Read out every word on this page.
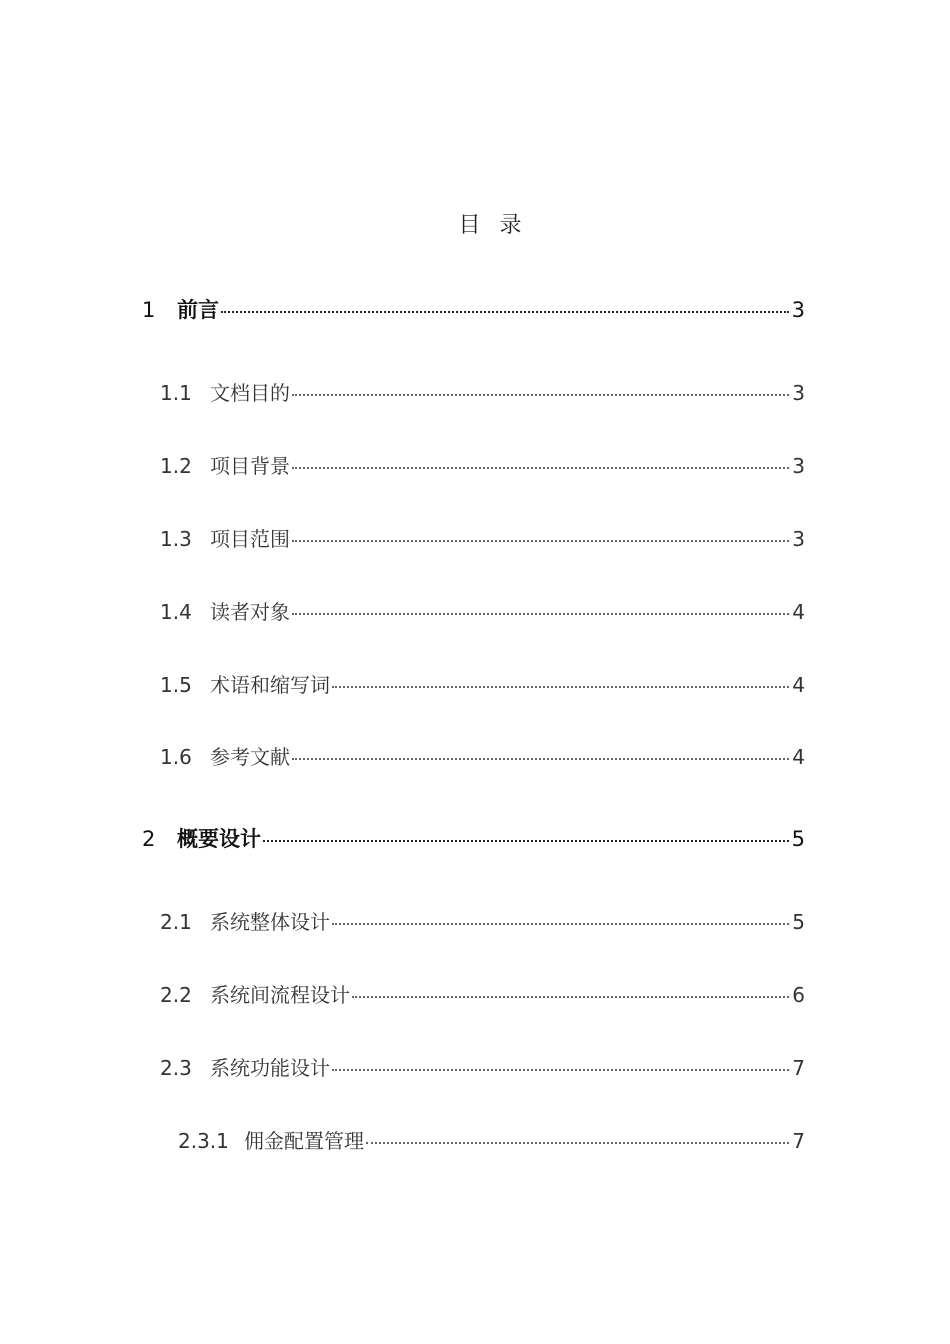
目 录
1	前言	3
1.1 文档目的	3
1.2 项目背景	3
1.3 项目范围	3
1.4 读者对象	4
1.5 术语和缩写词	4
1.6 参考文献	4
2	概要设计	5
2.1 系统整体设计	5
2.2 系统间流程设计	6
2.3 系统功能设计	7
2.3.1 佣金配置管理	7
